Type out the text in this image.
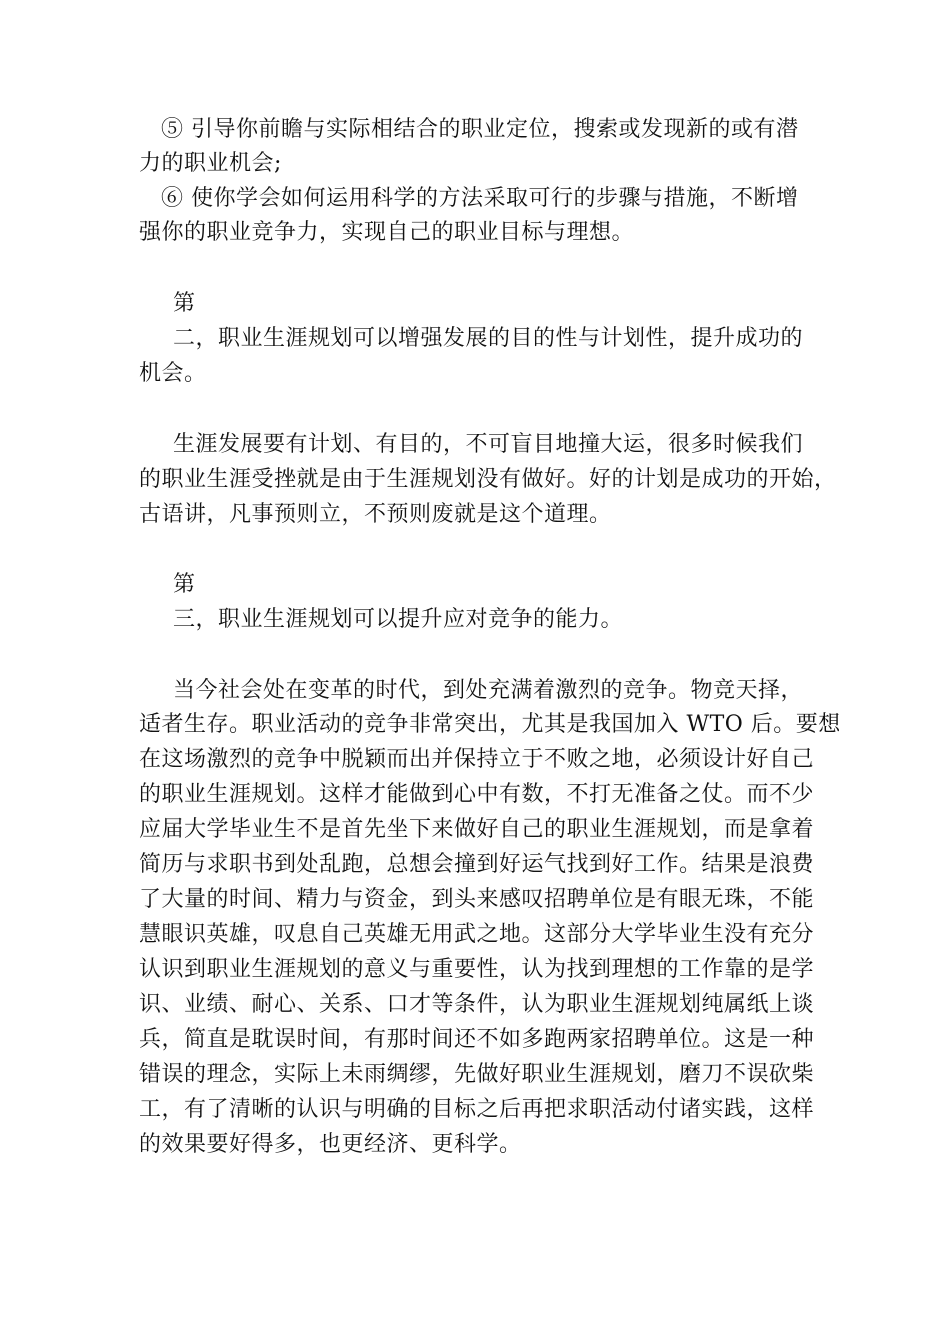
⑤ 引导你前瞻与实际相结合的职业定位，搜索或发现新的或有潜
力的职业机会;
⑥ 使你学会如何运用科学的方法采取可行的步骤与措施，不断增
强你的职业竞争力，实现自己的职业目标与理想。
第
二，职业生涯规划可以增强发展的目的性与计划性，提升成功的
机会。
生涯发展要有计划、有目的，不可盲目地撞大运，很多时候我们
的职业生涯受挫就是由于生涯规划没有做好。好的计划是成功的开始，
古语讲，凡事预则立，不预则废就是这个道理。
第
三，职业生涯规划可以提升应对竞争的能力。
当今社会处在变革的时代，到处充满着激烈的竞争。物竞天择，
适者生存。职业活动的竞争非常突出，尤其是我国加入 WTO 后。要想
在这场激烈的竞争中脱颖而出并保持立于不败之地，必须设计好自己
的职业生涯规划。这样才能做到心中有数，不打无准备之仗。而不少
应届大学毕业生不是首先坐下来做好自己的职业生涯规划，而是拿着
简历与求职书到处乱跑，总想会撞到好运气找到好工作。结果是浪费
了大量的时间、精力与资金，到头来感叹招聘单位是有眼无珠，不能
慧眼识英雄，叹息自己英雄无用武之地。这部分大学毕业生没有充分
认识到职业生涯规划的意义与重要性，认为找到理想的工作靠的是学
识、业绩、耐心、关系、口才等条件，认为职业生涯规划纯属纸上谈
兵，简直是耽误时间，有那时间还不如多跑两家招聘单位。这是一种
错误的理念，实际上未雨绸缪，先做好职业生涯规划，磨刀不误砍柴
工，有了清晰的认识与明确的目标之后再把求职活动付诸实践，这样
的效果要好得多，也更经济、更科学。
